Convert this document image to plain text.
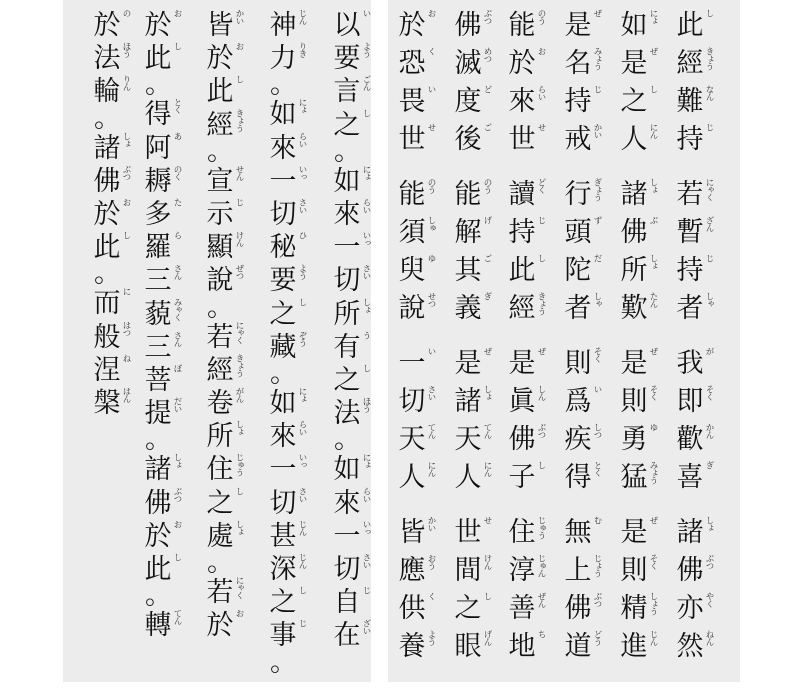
以 い
要 よう
言 ごん
之 し
。
如 にょ
來 らい
一 いっ
切 さい
所 しょ
有 う
之 し
法 ほう
。
如 にょ
來 らい
一 いっ
切 さい
自 じ
在 ざい
神 じん
力 りき
。
如 にょ
來 らい
一 いっ
切 さい
秘 ひ
要 よう
之 し
藏 ぞう
。
如 にょ
來 らい
一 いっ
切 さい
甚 じん
深 じん
之 し
事 じ
。
皆 かい
於 お
此 し
經 きょう
。
宣 せん
示 じ
顯 けん
說 ぜつ
。
若 にゃく
經 きょう
卷 がん
所 しょ
住 じゅう
之 し
處 しょ
。
若 にゃく
於 お
於 お
此 し
。
得 とく
阿 あ
耨 のく
多 た
羅 ら
三 さん
藐 みゃく
三 さん
菩 ぼ
提 だい
。
諸 しょ
佛 ぶつ
於 お
此 し
。
轉 てん
於 の
法 ほう
輪 りん
。
諸 しょ
佛 ぶつ
於 お
此 し
。
而 に
般 はつ
涅 ね
槃 はん
此 し
經 きょう
難 なん
持 じ
若 にゃく
暫 ざん
持 じ
者 しゃ
我 が
即 そく
歡 かん
喜 ぎ
諸 しょ
佛 ぶつ
亦 やく
然 ねん
如 にょ
是 ぜ
之 し
人 にん
諸 しょ
佛 ぶ
所 しょ
歎 たん
是 ぜ
則 そく
勇 ゆ
猛 みょう
是 ぜ
則 そく
精 しょう
進 じん
是 ぜ
名 みょう
持 じ
戒 かい
行 ぎょう
頭 ず
陀 だ
者 しゃ
則 そく
爲 い
疾 しつ
得 とく
無 む
上 じょう
佛 ぶつ
道 どう
能 のう
於 お
來 らい
世 せ
讀 どく
持 じ
此 し
經 きょう
是 ぜ
眞 しん
佛 ぶつ
子 し
住 じゅう
淳 じゅん
善 ぜん
地 ち
佛 ぶつ
滅 めつ
度 ど
後 ご
能 のう
解 げ
其 ご
義 ぎ
是 ぜ
諸 しょ
天 てん
人 にん
世 せ
間 けん
之 し
眼 げん
於 お
恐 く
畏 い
世 せ
能 のう
須 しゅ
臾 ゆ
說 せつ
一 い
切 さい
天 てん
人 にん
皆 かい
應 おう
供 く
養 よう
